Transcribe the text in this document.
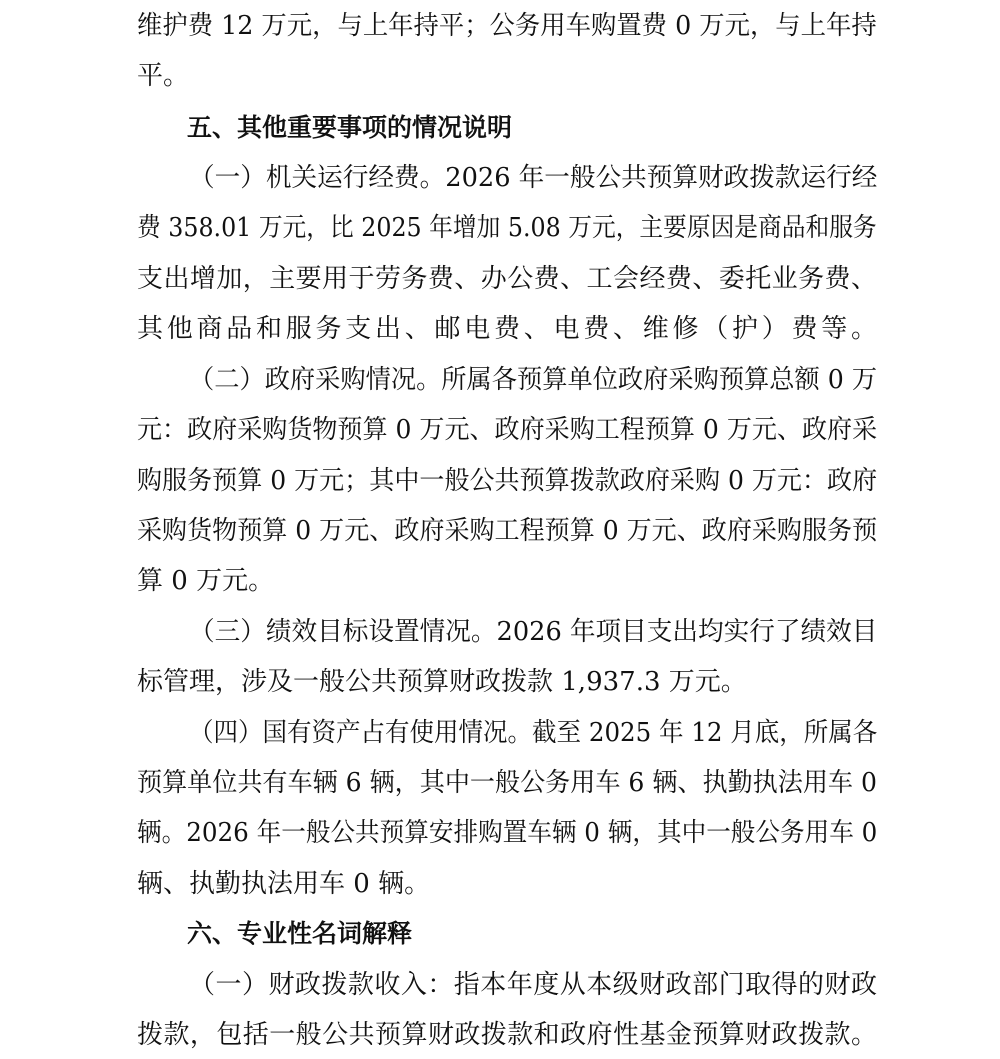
维护费 12 万元，与上年持平；公务用车购置费 0 万元，与上年持
平。
五、其他重要事项的情况说明
（一）机关运行经费。2026 年一般公共预算财政拨款运行经
费 358.01 万元，比 2025 年增加 5.08 万元，主要原因是商品和服务
支出增加，主要用于劳务费、办公费、工会经费、委托业务费、
其他商品和服务支出、邮电费、电费、维修（护）费等。
（二）政府采购情况。所属各预算单位政府采购预算总额 0 万
元：政府采购货物预算 0 万元、政府采购工程预算 0 万元、政府采
购服务预算 0 万元；其中一般公共预算拨款政府采购 0 万元：政府
采购货物预算 0 万元、政府采购工程预算 0 万元、政府采购服务预
算 0 万元。
（三）绩效目标设置情况。2026 年项目支出均实行了绩效目
标管理，涉及一般公共预算财政拨款 1,937.3 万元。
（四）国有资产占有使用情况。截至 2025 年 12 月底，所属各
预算单位共有车辆 6 辆，其中一般公务用车 6 辆、执勤执法用车 0
辆。2026 年一般公共预算安排购置车辆 0 辆，其中一般公务用车 0
辆、执勤执法用车 0 辆。
六、专业性名词解释
（一）财政拨款收入：指本年度从本级财政部门取得的财政
拨款，包括一般公共预算财政拨款和政府性基金预算财政拨款。
